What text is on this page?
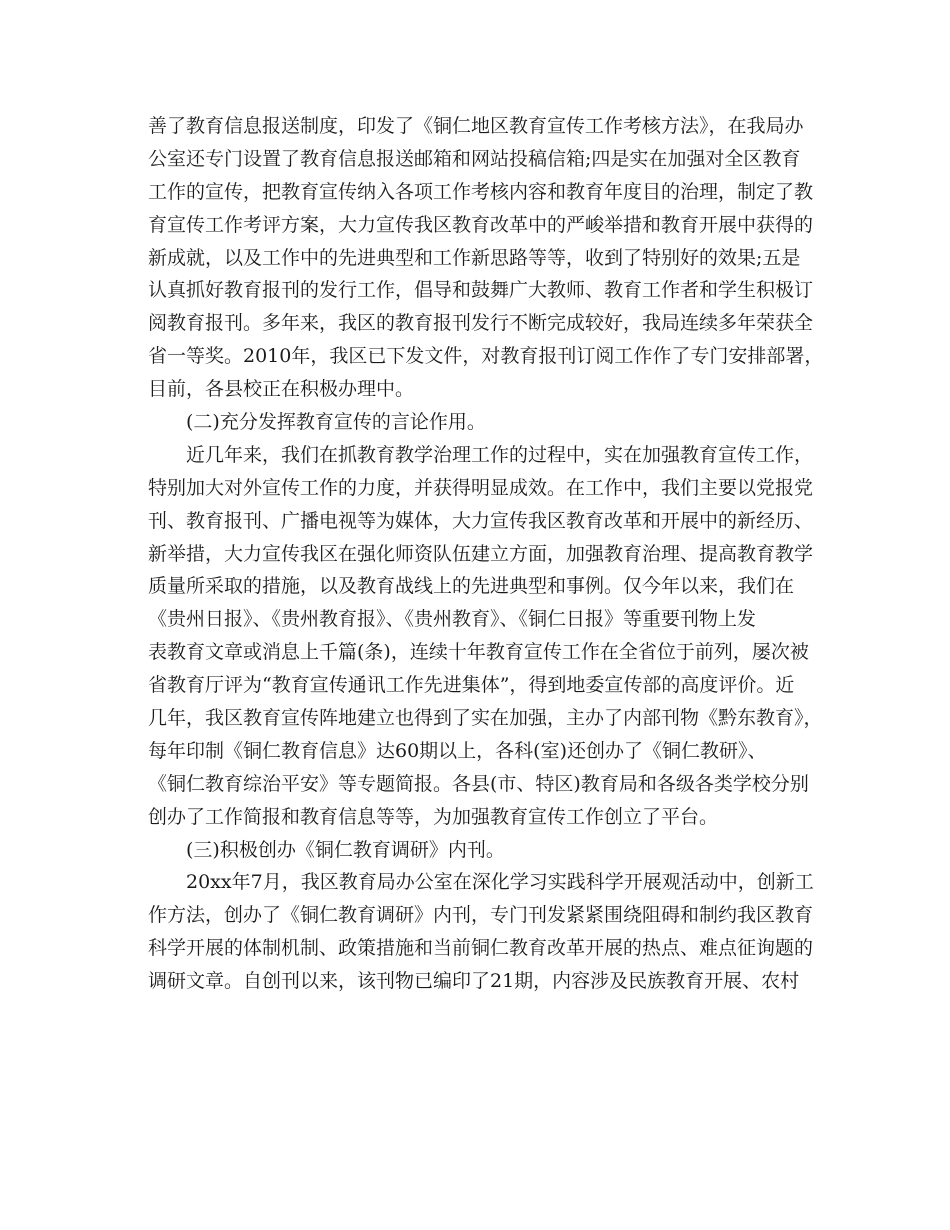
善了教育信息报送制度，印发了《铜仁地区教育宣传工作考核方法》，在我局办
公室还专门设置了教育信息报送邮箱和网站投稿信箱;四是实在加强对全区教育
工作的宣传，把教育宣传纳入各项工作考核内容和教育年度目的治理，制定了教
育宣传工作考评方案，大力宣传我区教育改革中的严峻举措和教育开展中获得的
新成就，以及工作中的先进典型和工作新思路等等，收到了特别好的效果;五是
认真抓好教育报刊的发行工作，倡导和鼓舞广大教师、教育工作者和学生积极订
阅教育报刊。多年来，我区的教育报刊发行不断完成较好，我局连续多年荣获全
省一等奖。2010年，我区已下发文件，对教育报刊订阅工作作了专门安排部署，
目前，各县校正在积极办理中。
(二)充分发挥教育宣传的言论作用。
近几年来，我们在抓教育教学治理工作的过程中，实在加强教育宣传工作，
特别加大对外宣传工作的力度，并获得明显成效。在工作中，我们主要以党报党
刊、教育报刊、广播电视等为媒体，大力宣传我区教育改革和开展中的新经历、
新举措，大力宣传我区在强化师资队伍建立方面，加强教育治理、提高教育教学
质量所采取的措施，以及教育战线上的先进典型和事例。仅今年以来，我们在
《贵州日报》、《贵州教育报》、《贵州教育》、《铜仁日报》等重要刊物上发
表教育文章或消息上千篇(条)，连续十年教育宣传工作在全省位于前列，屡次被
省教育厅评为“教育宣传通讯工作先进集体”，得到地委宣传部的高度评价。近
几年，我区教育宣传阵地建立也得到了实在加强，主办了内部刊物《黔东教育》，
每年印制《铜仁教育信息》达60期以上，各科(室)还创办了《铜仁教研》、
《铜仁教育综治平安》等专题简报。各县(市、特区)教育局和各级各类学校分别
创办了工作简报和教育信息等等，为加强教育宣传工作创立了平台。
(三)积极创办《铜仁教育调研》内刊。
20xx年7月，我区教育局办公室在深化学习实践科学开展观活动中，创新工
作方法，创办了《铜仁教育调研》内刊，专门刊发紧紧围绕阻碍和制约我区教育
科学开展的体制机制、政策措施和当前铜仁教育改革开展的热点、难点征询题的
调研文章。自创刊以来，该刊物已编印了21期，内容涉及民族教育开展、农村
